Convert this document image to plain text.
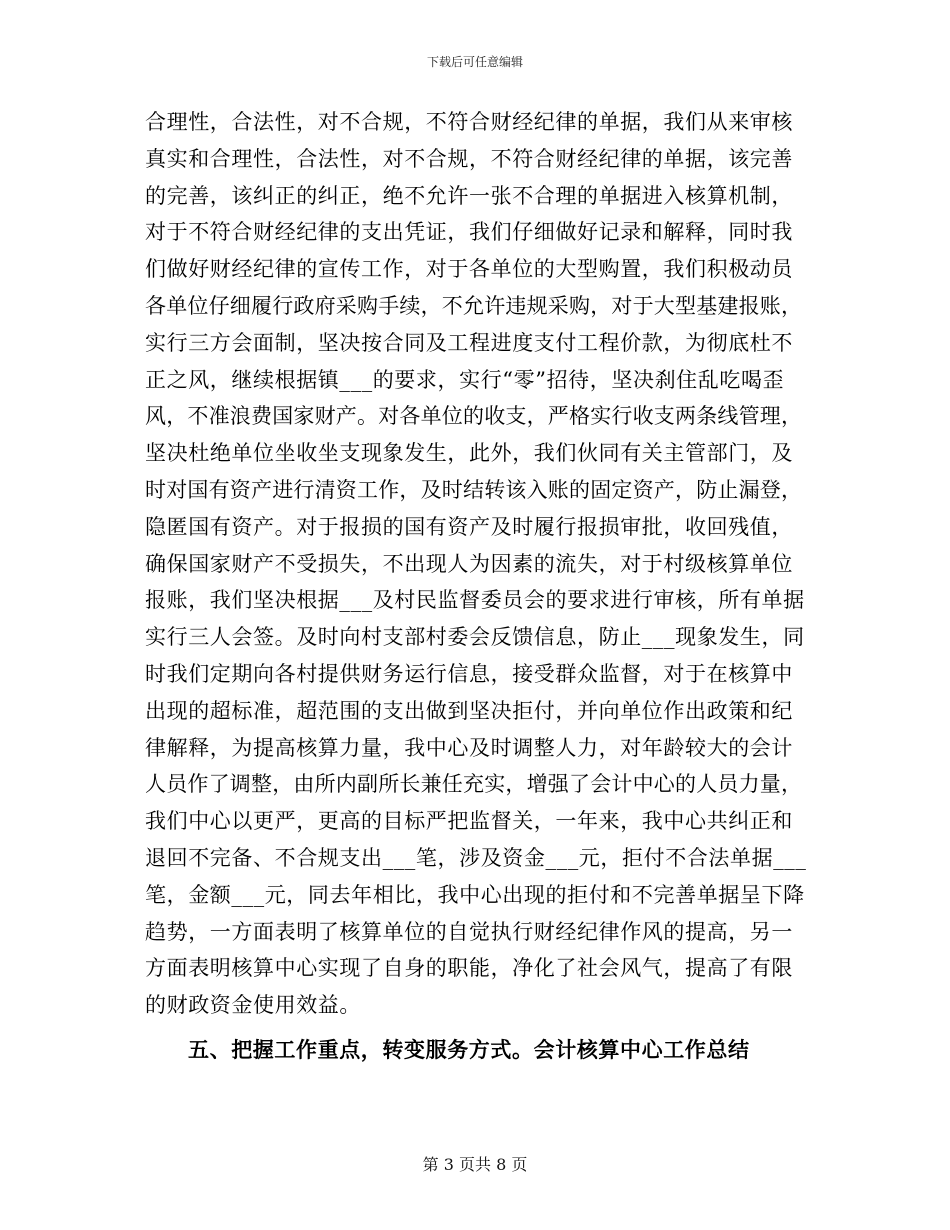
下载后可任意编辑
合理性，合法性，对不合规，不符合财经纪律的单据，我们从来审核
真实和合理性，合法性，对不合规，不符合财经纪律的单据，该完善
的完善，该纠正的纠正，绝不允许一张不合理的单据进入核算机制，
对于不符合财经纪律的支出凭证，我们仔细做好记录和解释，同时我
们做好财经纪律的宣传工作，对于各单位的大型购置，我们积极动员
各单位仔细履行政府采购手续，不允许违规采购，对于大型基建报账，
实行三方会面制，坚决按合同及工程进度支付工程价款，为彻底杜不
正之风，继续根据镇___的要求，实行“零”招待，坚决刹住乱吃喝歪
风，不准浪费国家财产。对各单位的收支，严格实行收支两条线管理，
坚决杜绝单位坐收坐支现象发生，此外，我们伙同有关主管部门，及
时对国有资产进行清资工作，及时结转该入账的固定资产，防止漏登，
隐匿国有资产。对于报损的国有资产及时履行报损审批，收回残值，
确保国家财产不受损失，不出现人为因素的流失，对于村级核算单位
报账，我们坚决根据___及村民监督委员会的要求进行审核，所有单据
实行三人会签。及时向村支部村委会反馈信息，防止___现象发生，同
时我们定期向各村提供财务运行信息，接受群众监督，对于在核算中
出现的超标准，超范围的支出做到坚决拒付，并向单位作出政策和纪
律解释，为提高核算力量，我中心及时调整人力，对年龄较大的会计
人员作了调整，由所内副所长兼任充实，增强了会计中心的人员力量，
我们中心以更严，更高的目标严把监督关，一年来，我中心共纠正和
退回不完备、不合规支出___笔，涉及资金___元，拒付不合法单据___
笔，金额___元，同去年相比，我中心出现的拒付和不完善单据呈下降
趋势，一方面表明了核算单位的自觉执行财经纪律作风的提高，另一
方面表明核算中心实现了自身的职能，净化了社会风气，提高了有限
的财政资金使用效益。
五、把握工作重点，转变服务方式。会计核算中心工作总结
第 3 页共 8 页
